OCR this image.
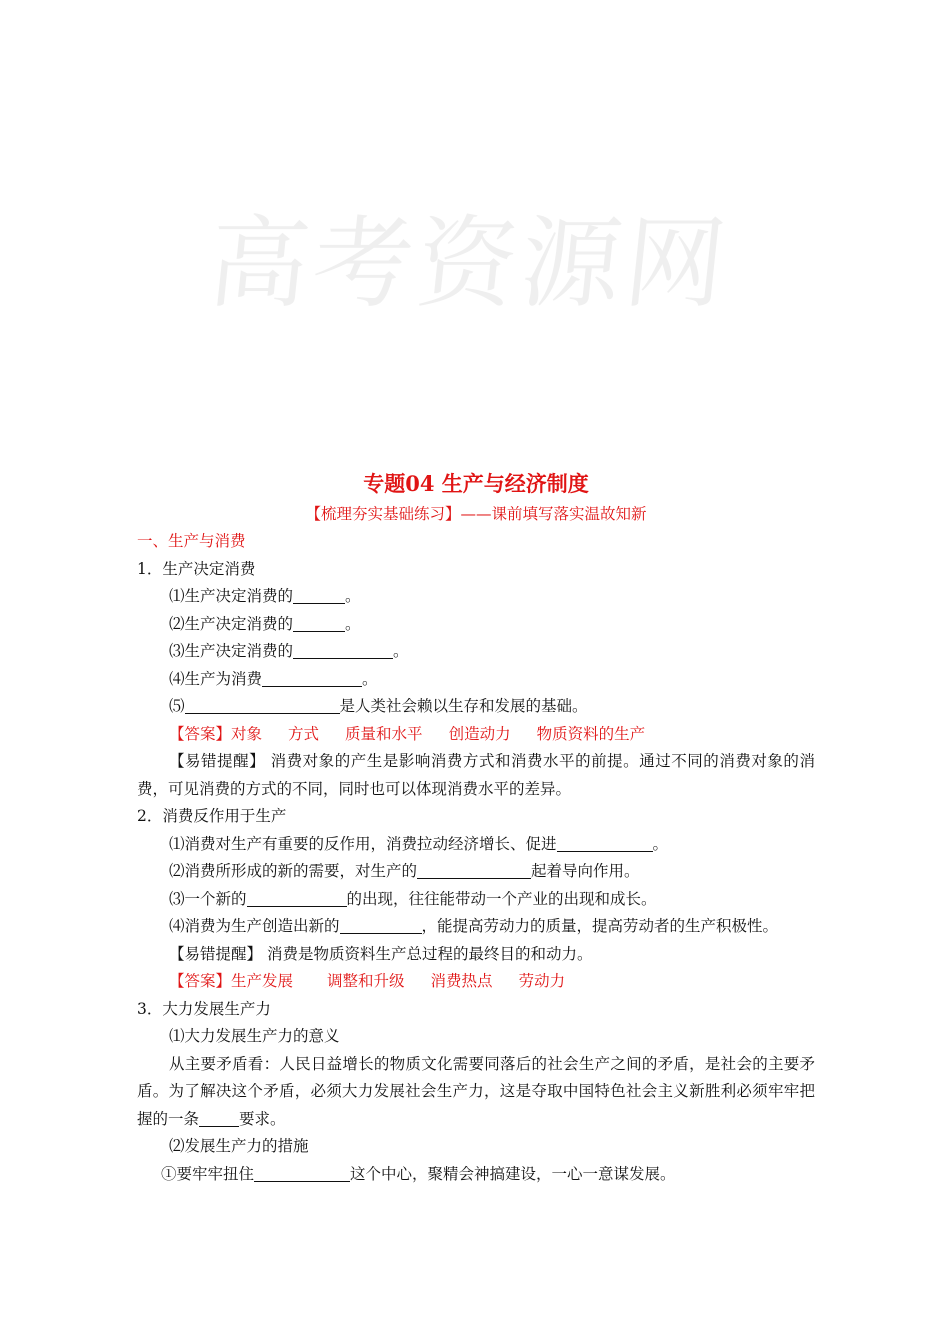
高考资源网
专题04 生产与经济制度
【梳理夯实基础练习】——课前填写落实温故知新
一、生产与消费
1．生产决定消费
⑴生产决定消费的	。
⑵生产决定消费的	。
⑶生产决定消费的	。
⑷生产为消费	。
⑸	是人类社会赖以生存和发展的基础。
【答案】对象 方式 质量和水平 创造动力 物质资料的生产
【易错提醒】 消费对象的产生是影响消费方式和消费水平的前提。通过不同的消费对象的消费，可见消费的方式的不同，同时也可以体现消费水平的差异。
2．消费反作用于生产
⑴消费对生产有重要的反作用，消费拉动经济增长、促进	。
⑵消费所形成的新的需要，对生产的	起着导向作用。
⑶一个新的	的出现，往往能带动一个产业的出现和成长。
⑷消费为生产创造出新的	，能提高劳动力的质量，提高劳动者的生产积极性。
【易错提醒】 消费是物质资料生产总过程的最终目的和动力。
【答案】生产发展 调整和升级 消费热点 劳动力
3．大力发展生产力
⑴大力发展生产力的意义
从主要矛盾看：人民日益增长的物质文化需要同落后的社会生产之间的矛盾，是社会的主要矛盾。为了解决这个矛盾，必须大力发展社会生产力，这是夺取中国特色社会主义新胜利必须牢牢把握的一条	要求。
⑵发展生产力的措施
①要牢牢扭住	这个中心，聚精会神搞建设，一心一意谋发展。
